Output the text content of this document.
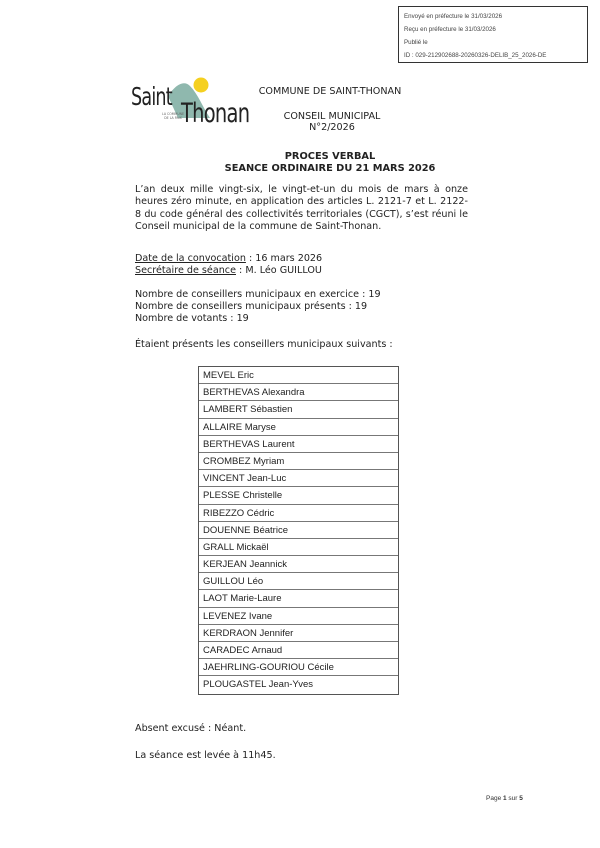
Envoyé en préfecture le 31/03/2026
Reçu en préfecture le 31/03/2026
Publié le
ID : 029-212902688-20260326-DELIB_25_2026-DE
Saint
Thonan
LA COMMUNE DE LA PAIX
COMMUNE DE SAINT-THONAN
CONSEIL MUNICIPAL
N°2/2026
PROCES VERBAL
SEANCE ORDINAIRE DU 21 MARS 2026
L’an deux mille vingt-six, le vingt-et-un du mois de mars à onze heures zéro minute, en application des articles L. 2121-7 et L. 2122-8 du code général des collectivités territoriales (CGCT), s’est réuni le Conseil municipal de la commune de Saint-Thonan.
Date de la convocation : 16 mars 2026
Secrétaire de séance : M. Léo GUILLOU
Nombre de conseillers municipaux en exercice : 19
Nombre de conseillers municipaux présents : 19
Nombre de votants : 19
Étaient présents les conseillers municipaux suivants :
MEVEL Eric
BERTHEVAS Alexandra
LAMBERT Sébastien
ALLAIRE Maryse
BERTHEVAS Laurent
CROMBEZ Myriam
VINCENT Jean-Luc
PLESSE Christelle
RIBEZZO Cédric
DOUENNE Béatrice
GRALL Mickaël
KERJEAN Jeannick
GUILLOU Léo
LAOT Marie-Laure
LEVENEZ Ivane
KERDRAON Jennifer
CARADEC Arnaud
JAEHRLING-GOURIOU Cécile
PLOUGASTEL Jean-Yves
Absent excusé : Néant.
La séance est levée à 11h45.
Page 1 sur 5
